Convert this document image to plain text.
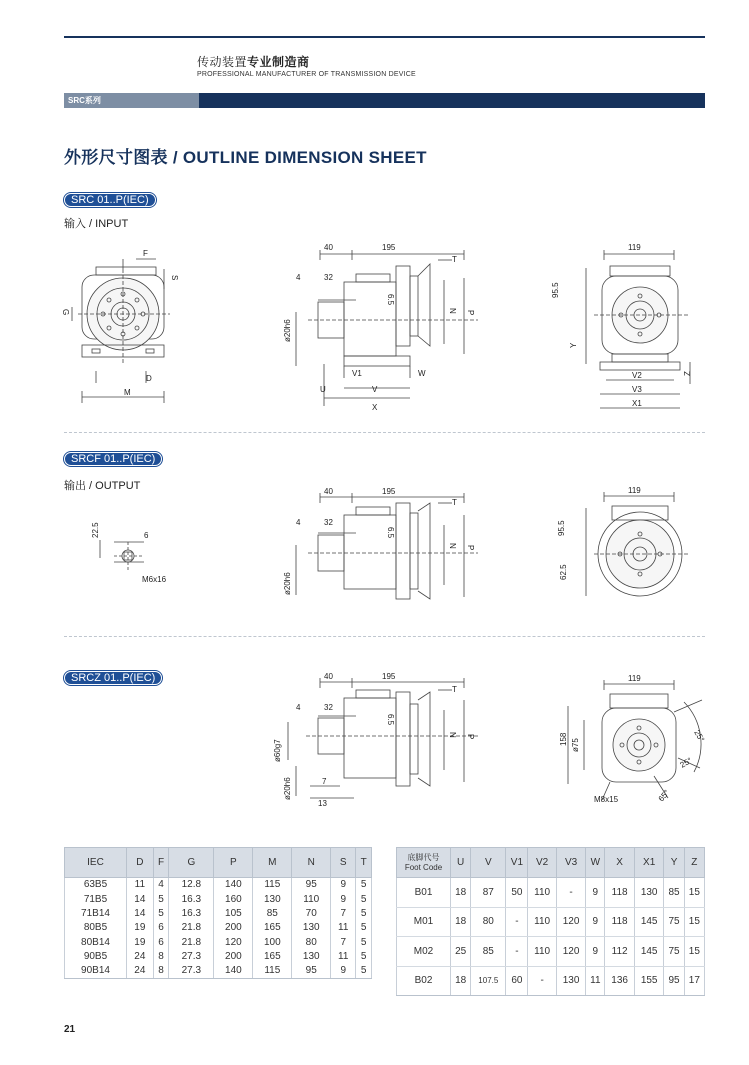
传动装置专业制造商
PROFESSIONAL MANUFACTURER OF TRANSMISSION DEVICE
SRC系列
外形尺寸图表 / OUTLINE DIMENSION SHEET
SRC 01..P(IEC)
输入 / INPUT
F
S
G
D
M
40	195
T
4	32
6.5
N P
ø20h6
V1	W
U	V
X
119
95.5
Y
V2
V3
X1
Z
SRCF 01..P(IEC)
输出 / OUTPUT
22.5	6
M6x16
40	195
T
4	32
6.5
N P
ø20h6
119
95.5
62.5
SRCZ 01..P(IEC)	40	195
T
4	32
6.5
N P
ø60g7
ø20h6	7
13
119
158 ø75
M8x15
25°
25°
65°
IEC	D	F	G	P	M	N	S	T
63B5	11	4	12.8	140	115	95	9	5
71B5	14	5	16.3	160	130	110	9	5
71B14	14	5	16.3	105	85	70	7	5
80B5	19	6	21.8	200	165	130	11	5
80B14	19	6	21.8	120	100	80	7	5
90B5	24	8	27.3	200	165	130	11	5
90B14	24	8	27.3	140	115	95	9	5
底脚代号
Foot Code	U	V	V1	V2	V3	W	X	X1	Y	Z
B01	18	87	50	110	-	9	118	130	85	15
M01	18	80	-	110	120	9	118	145	75	15
M02	25	85	-	110	120	9	112	145	75	15
B02	18	107.5	60	-	130	11	136	155	95	17
21
